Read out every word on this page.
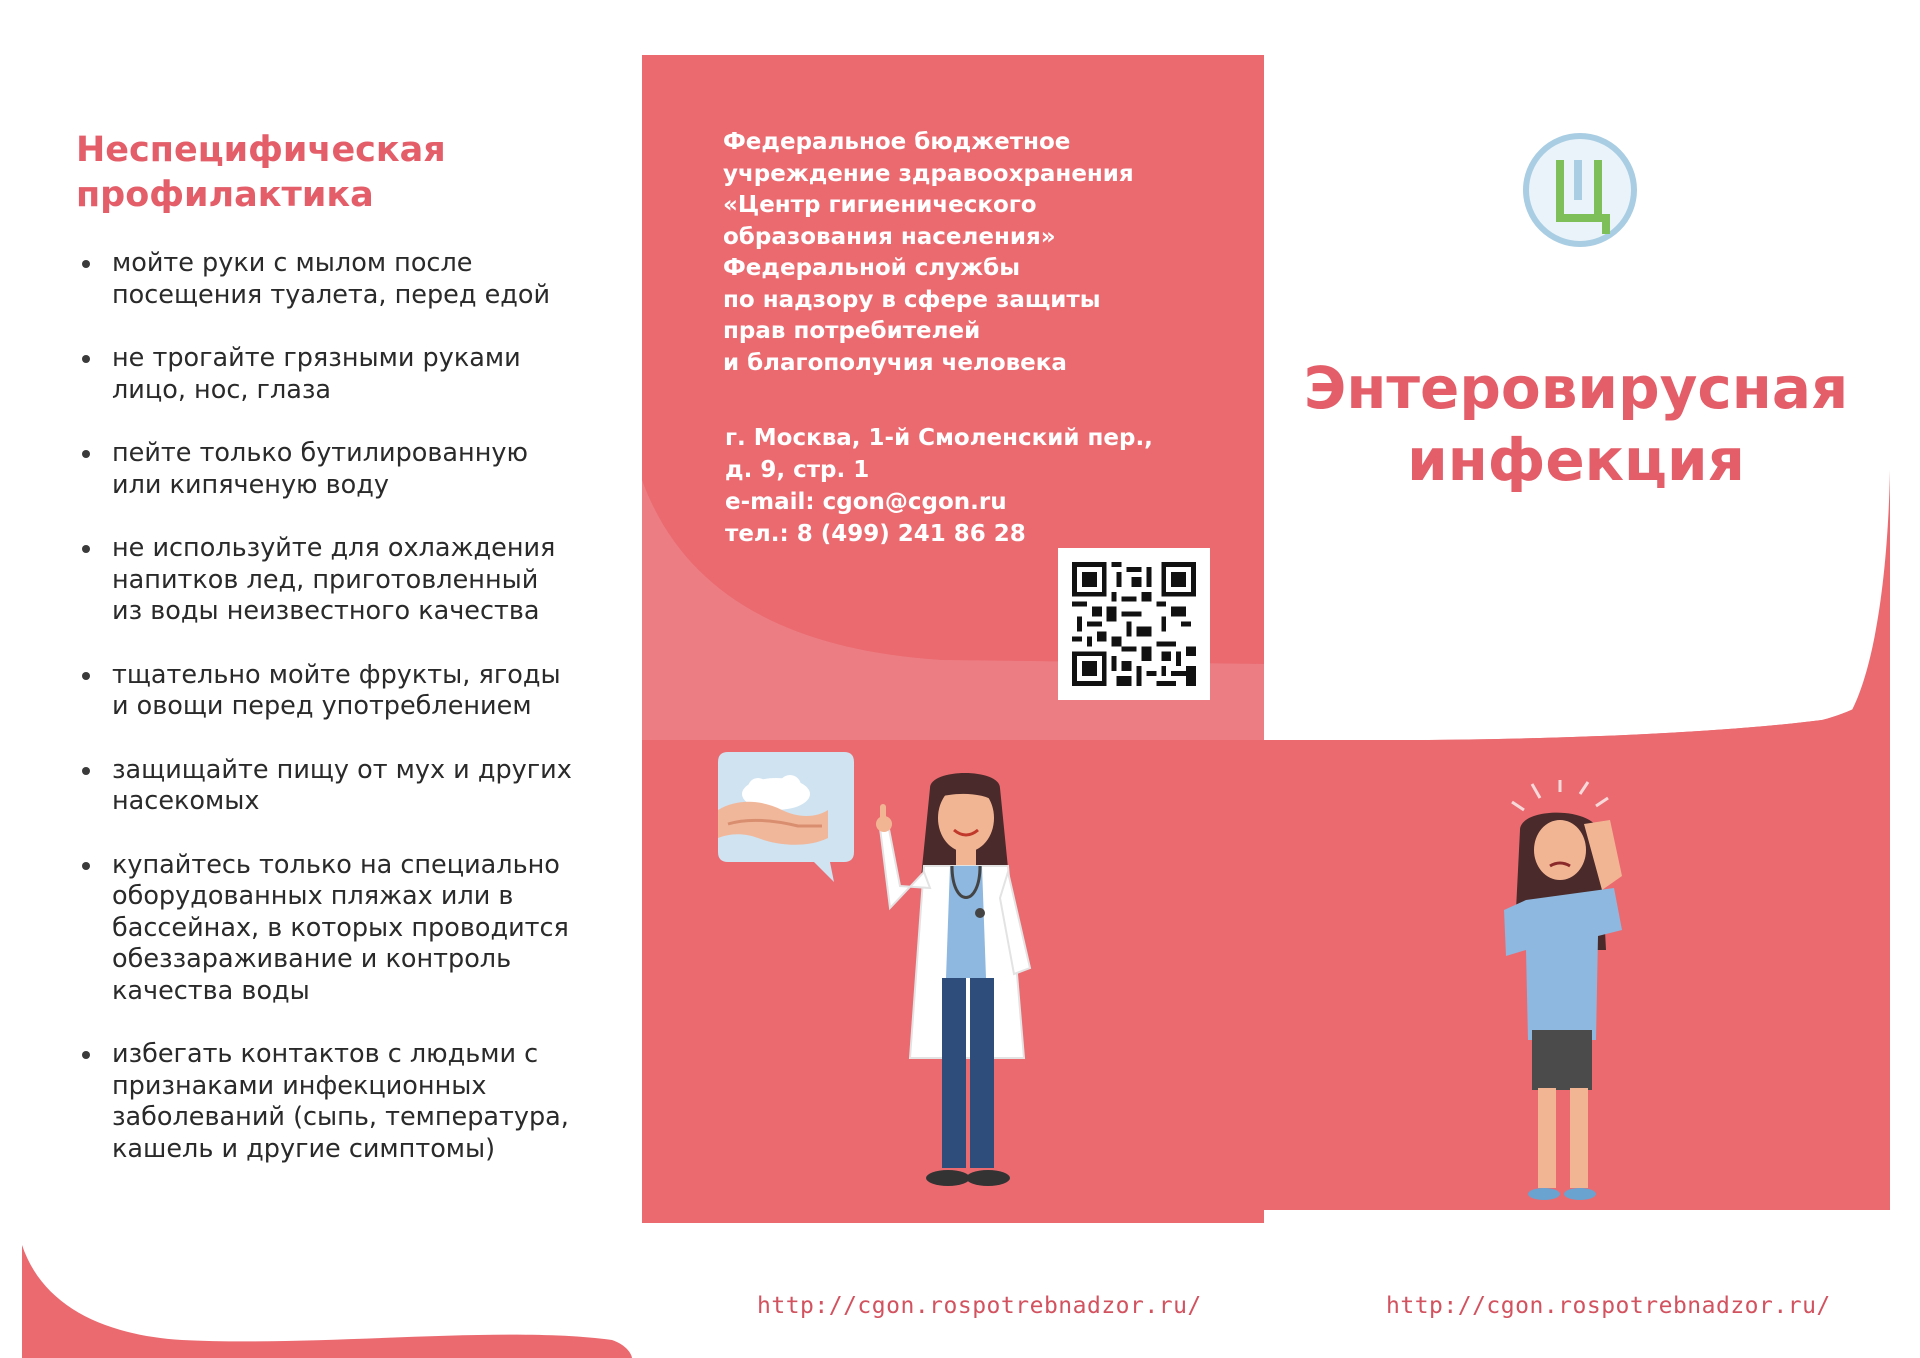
Неспецифическая профилактика
мойте руки с мылом после
посещения туалета, перед едой
не трогайте грязными руками
лицо, нос, глаза
пейте только бутилированную
или кипяченую воду
не используйте для охлаждения
напитков лед, приготовленный
из воды неизвестного качества
тщательно мойте фрукты, ягоды
и овощи перед употреблением
защищайте пищу от мух и других
насекомых
купайтесь только на специально
оборудованных пляжах или в
бассейнах, в которых проводится
обеззараживание и контроль
качества воды
избегать контактов с людьми с
признаками инфекционных
заболеваний (сыпь, температура,
кашель и другие симптомы)

Федеральное бюджетное
учреждение здравоохранения
«Центр гигиенического
образования населения»
Федеральной службы
по надзору в сфере защиты
прав потребителей
и благополучия человека

г. Москва, 1-й Смоленский пер.,
д. 9, стр. 1
e-mail: cgon@cgon.ru
тел.: 8 (499) 241 86 28
Энтеровирусная
инфекция
http://cgon.rospotrebnadzor.ru/	http://cgon.rospotrebnadzor.ru/
